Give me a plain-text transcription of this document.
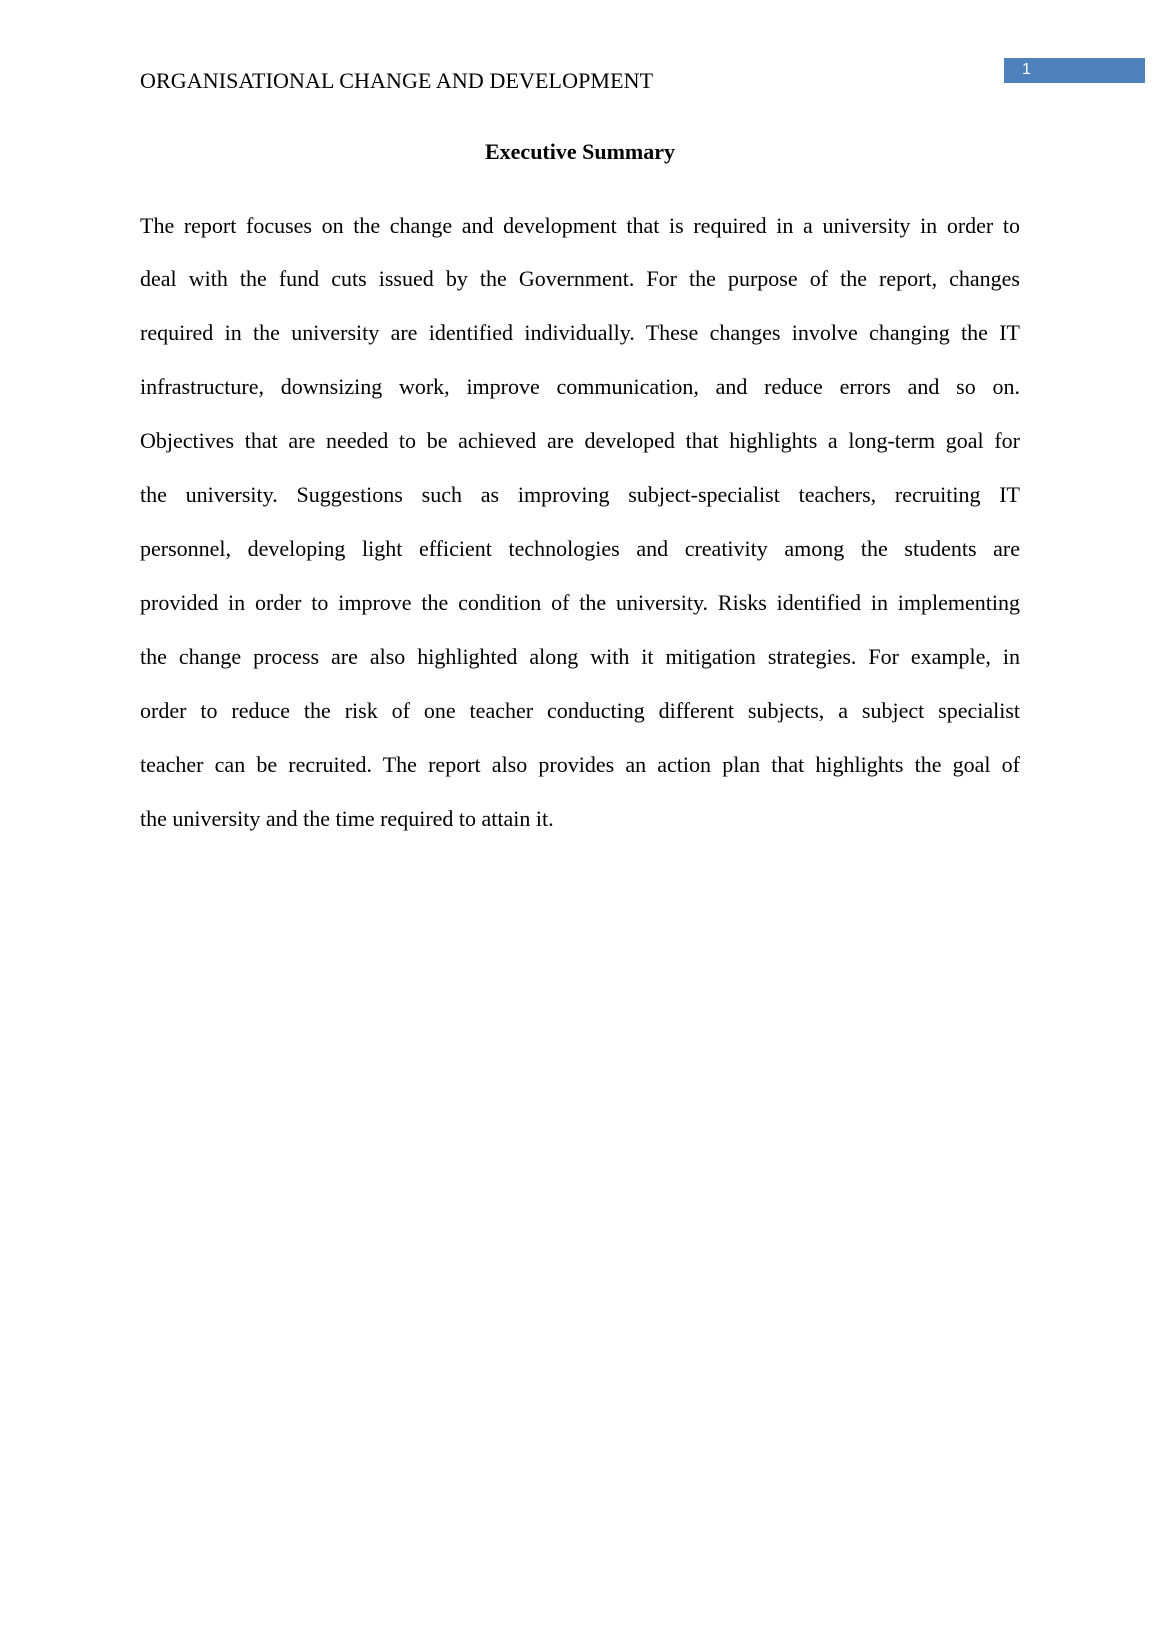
ORGANISATIONAL CHANGE AND DEVELOPMENT	1
Executive Summary
The report focuses on the change and development that is required in a university in order to
deal with the fund cuts issued by the Government. For the purpose of the report, changes
required in the university are identified individually. These changes involve changing the IT
infrastructure, downsizing work, improve communication, and reduce errors and so on.
Objectives that are needed to be achieved are developed that highlights a long-term goal for
the university. Suggestions such as improving subject-specialist teachers, recruiting IT
personnel, developing light efficient technologies and creativity among the students are
provided in order to improve the condition of the university. Risks identified in implementing
the change process are also highlighted along with it mitigation strategies. For example, in
order to reduce the risk of one teacher conducting different subjects, a subject specialist
teacher can be recruited. The report also provides an action plan that highlights the goal of
the university and the time required to attain it.
